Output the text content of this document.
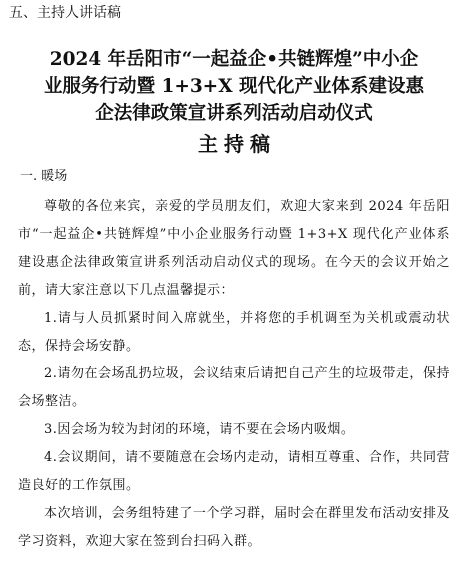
五、主持人讲话稿
2024 年岳阳市“一起益企•共链辉煌”中小企
业服务行动暨 1+3+X 现代化产业体系建设惠
企法律政策宣讲系列活动启动仪式
主持稿
一. 暖场

尊敬的各位来宾，亲爱的学员朋友们，欢迎大家来到 2024 年岳阳市“一起益企•共链辉煌”中小企业服务行动暨 1+3+X 现代化产业体系建设惠企法律政策宣讲系列活动启动仪式的现场。在今天的会议开始之前，请大家注意以下几点温馨提示：

1.请与人员抓紧时间入席就坐，并将您的手机调至为关机或震动状态，保持会场安静。

2.请勿在会场乱扔垃圾，会议结束后请把自己产生的垃圾带走，保持会场整洁。

3.因会场为较为封闭的环境，请不要在会场内吸烟。

4.会议期间，请不要随意在会场内走动，请相互尊重、合作，共同营造良好的工作氛围。

本次培训，会务组特建了一个学习群，届时会在群里发布活动安排及学习资料，欢迎大家在签到台扫码入群。
